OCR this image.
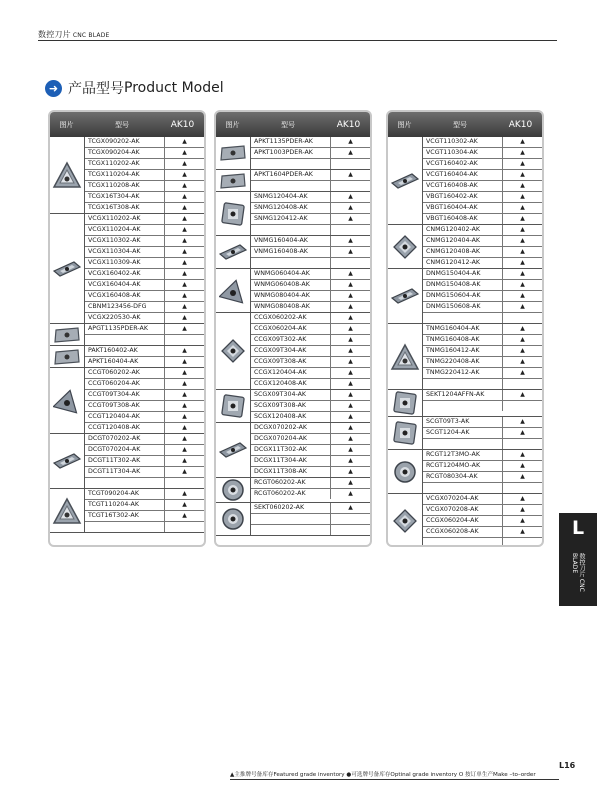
数控刀片 CNC BLADE
➜ 产品型号 Product Model
图片	型号	AK10
TCGX090202-AK	▲
TCGX090204-AK	▲
TCGX110202-AK	▲
TCGX110204-AK	▲
TCGX110208-AK	▲
TCGX16T304-AK	▲
TCGX16T308-AK	▲
VCGX110202-AK	▲
VCGX110204-AK	▲
VCGX110302-AK	▲
VCGX110304-AK	▲
VCGX110309-AK	▲
VCGX160402-AK	▲
VCGX160404-AK	▲
VCGX160408-AK	▲
CBNM123456-DFG	▲
VCGX220530-AK	▲
APGT1135PDER-AK	▲
PAKT160402-AK	▲
APKT160404-AK	▲
CCGT060202-AK	▲
CCGT060204-AK	▲
CCGT09T304-AK	▲
CCGT09T308-AK	▲
CCGT120404-AK	▲
CCGT120408-AK	▲
DCGT070202-AK	▲
DCGT070204-AK	▲
DCGT11T302-AK	▲
DCGT11T304-AK	▲
TCGT090204-AK	▲
TCGT110204-AK	▲
TCGT16T302-AK	▲
图片	型号	AK10
APKT1135PDER-AK	▲
APKT1003PDER-AK	▲
APKT1604PDER-AK	▲
SNMG120404-AK	▲
SNMG120408-AK	▲
SNMG120412-AK	▲
VNMG160404-AK	▲
VNMG160408-AK	▲
WNMG060404-AK	▲
WNMG060408-AK	▲
WNMG080404-AK	▲
WNMG080408-AK	▲
CCGX060202-AK	▲
CCGX060204-AK	▲
CCGX09T302-AK	▲
CCGX09T304-AK	▲
CCGX09T308-AK	▲
CCGX120404-AK	▲
CCGX120408-AK	▲
SCGX09T304-AK	▲
SCGX09T308-AK	▲
SCGX120408-AK	▲
DCGX070202-AK	▲
DCGX070204-AK	▲
DCGX11T302-AK	▲
DCGX11T304-AK	▲
DCGX11T308-AK	▲
RCGT060202-AK	▲
RCGT060202-AK	▲
SEKT060202-AK	▲
图片	型号	AK10
VCGT110302-AK	▲
VCGT110304-AK	▲
VCGT160402-AK	▲
VCGT160404-AK	▲
VCGT160408-AK	▲
VBGT160402-AK	▲
VBGT160404-AK	▲
VBGT160408-AK	▲
CNMG120402-AK	▲
CNMG120404-AK	▲
CNMG120408-AK	▲
CNMG120412-AK	▲
DNMG150404-AK	▲
DNMG150408-AK	▲
DNMG150604-AK	▲
DNMG150608-AK	▲
TNMG160404-AK	▲
TNMG160408-AK	▲
TNMG160412-AK	▲
TNMG220408-AK	▲
TNMG220412-AK	▲
SEKT1204AFFN-AK	▲
SCGT09T3-AK	▲
SCGT1204-AK	▲
RCGT12T3MO-AK	▲
RCGT1204MO-AK	▲
RCGT080304-AK	▲
VCGX070204-AK	▲
VCGX070208-AK	▲
CCGX060204-AK	▲
CCGX060208-AK	▲	L
数控刀片 CNC BLADE
L16
▲主推牌号备库存Featured grade inventory ●可选牌号备库存Optinal grade inventory O 按订单生产Make –to–order
